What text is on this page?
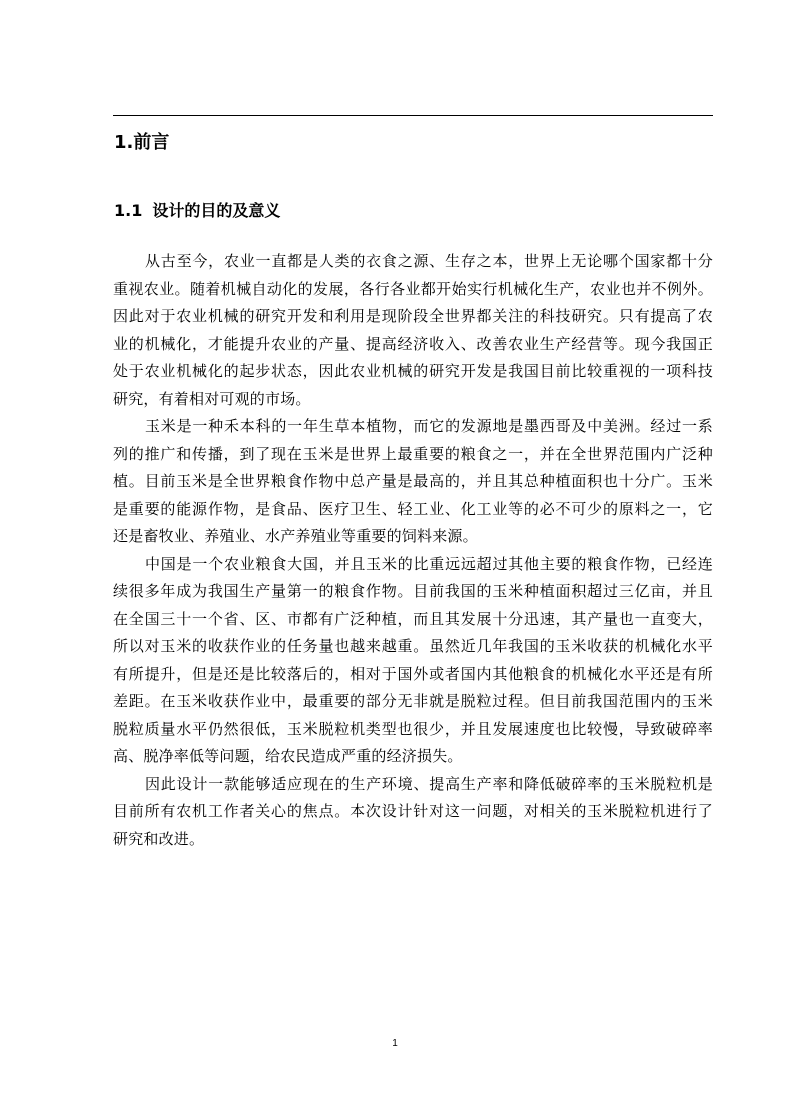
1.前言
1.1 设计的目的及意义
从古至今，农业一直都是人类的衣食之源、生存之本，世界上无论哪个国家都十分
重视农业。随着机械自动化的发展，各行各业都开始实行机械化生产，农业也并不例外。
因此对于农业机械的研究开发和利用是现阶段全世界都关注的科技研究。只有提高了农
业的机械化，才能提升农业的产量、提高经济收入、改善农业生产经营等。现今我国正
处于农业机械化的起步状态，因此农业机械的研究开发是我国目前比较重视的一项科技
研究，有着相对可观的市场。
玉米是一种禾本科的一年生草本植物，而它的发源地是墨西哥及中美洲。经过一系
列的推广和传播，到了现在玉米是世界上最重要的粮食之一，并在全世界范围内广泛种
植。目前玉米是全世界粮食作物中总产量是最高的，并且其总种植面积也十分广。玉米
是重要的能源作物，是食品、医疗卫生、轻工业、化工业等的必不可少的原料之一，它
还是畜牧业、养殖业、水产养殖业等重要的饲料来源。
中国是一个农业粮食大国，并且玉米的比重远远超过其他主要的粮食作物，已经连
续很多年成为我国生产量第一的粮食作物。目前我国的玉米种植面积超过三亿亩，并且
在全国三十一个省、区、市都有广泛种植，而且其发展十分迅速，其产量也一直变大，
所以对玉米的收获作业的任务量也越来越重。虽然近几年我国的玉米收获的机械化水平
有所提升，但是还是比较落后的，相对于国外或者国内其他粮食的机械化水平还是有所
差距。在玉米收获作业中，最重要的部分无非就是脱粒过程。但目前我国范围内的玉米
脱粒质量水平仍然很低，玉米脱粒机类型也很少，并且发展速度也比较慢，导致破碎率
高、脱净率低等问题，给农民造成严重的经济损失。
因此设计一款能够适应现在的生产环境、提高生产率和降低破碎率的玉米脱粒机是
目前所有农机工作者关心的焦点。本次设计针对这一问题，对相关的玉米脱粒机进行了
研究和改进。
1
